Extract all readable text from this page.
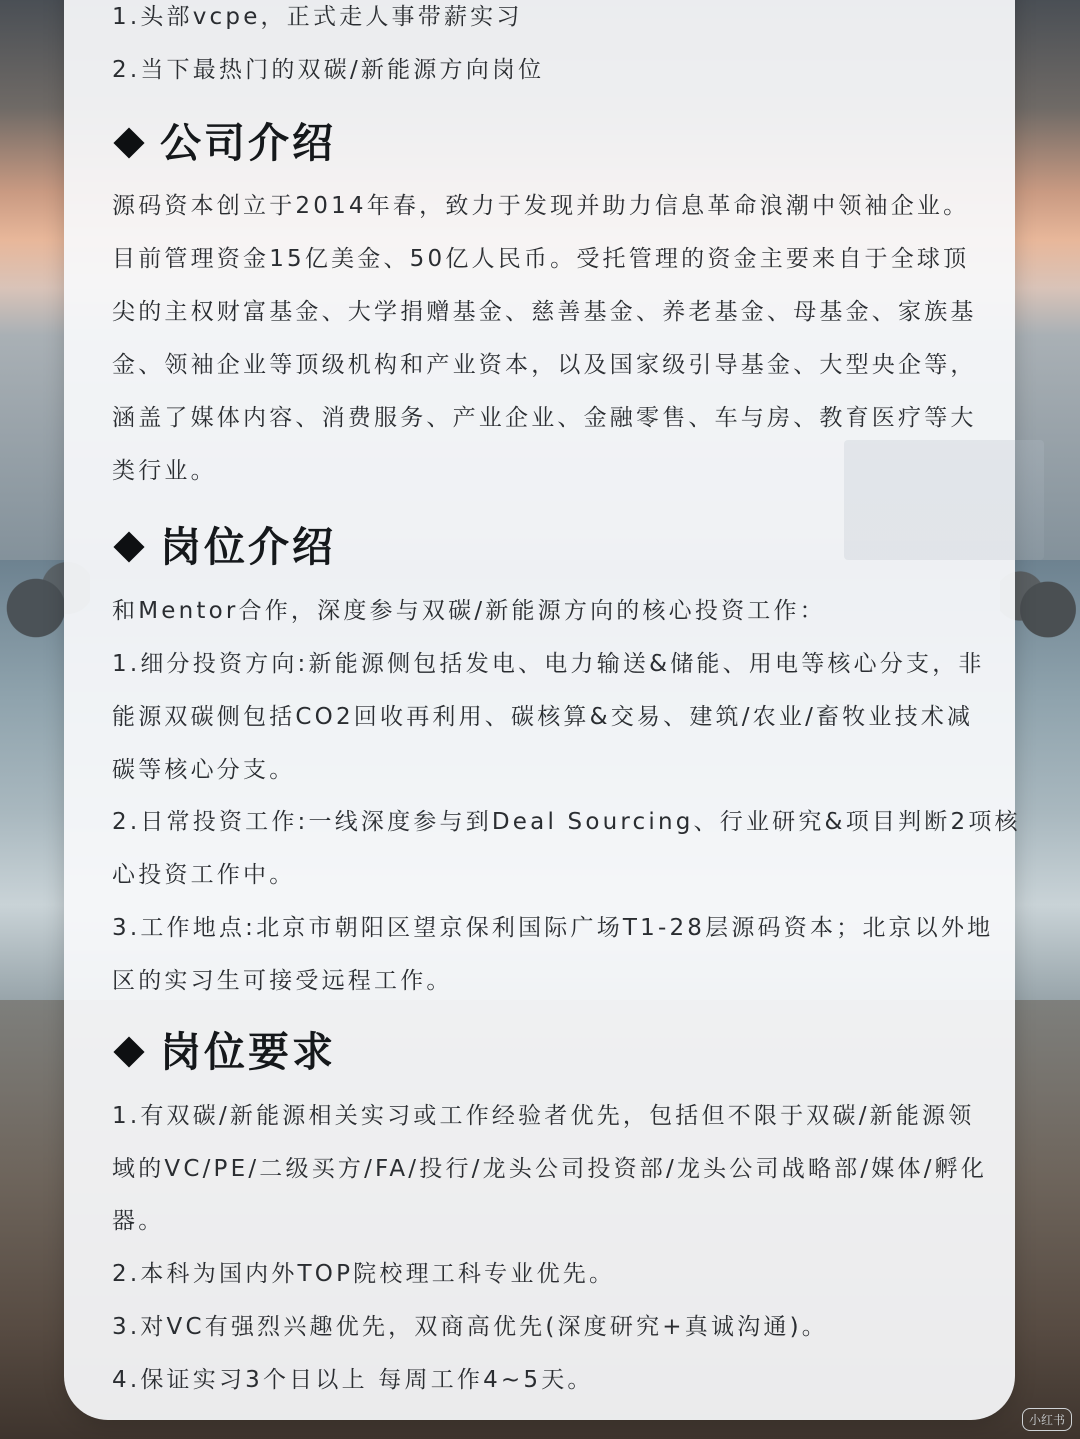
1.头部vcpe，正式走人事带薪实习
2.当下最热门的双碳/新能源方向岗位
公司介绍
源码资本创立于2014年春，致力于发现并助力信息革命浪潮中领袖企业。
目前管理资金15亿美金、50亿人民币。受托管理的资金主要来自于全球顶
尖的主权财富基金、大学捐赠基金、慈善基金、养老基金、母基金、家族基
金、领袖企业等顶级机构和产业资本，以及国家级引导基金、大型央企等，
涵盖了媒体内容、消费服务、产业企业、金融零售、车与房、教育医疗等大
类行业。
岗位介绍
和Mentor合作，深度参与双碳/新能源方向的核心投资工作：
1.细分投资方向:新能源侧包括发电、电力输送&储能、用电等核心分支，非
能源双碳侧包括CO2回收再利用、碳核算&交易、建筑/农业/畜牧业技术减
碳等核心分支。
2.日常投资工作:一线深度参与到Deal Sourcing、行业研究&项目判断2项核
心投资工作中。
3.工作地点:北京市朝阳区望京保利国际广场T1-28层源码资本；北京以外地
区的实习生可接受远程工作。
岗位要求
1.有双碳/新能源相关实习或工作经验者优先，包括但不限于双碳/新能源领
域的VC/PE/二级买方/FA/投行/龙头公司投资部/龙头公司战略部/媒体/孵化
器。
2.本科为国内外TOP院校理工科专业优先。
3.对VC有强烈兴趣优先，双商高优先(深度研究+真诚沟通)。
4.保证实习3个日以上 每周工作4~5天。
小红书
